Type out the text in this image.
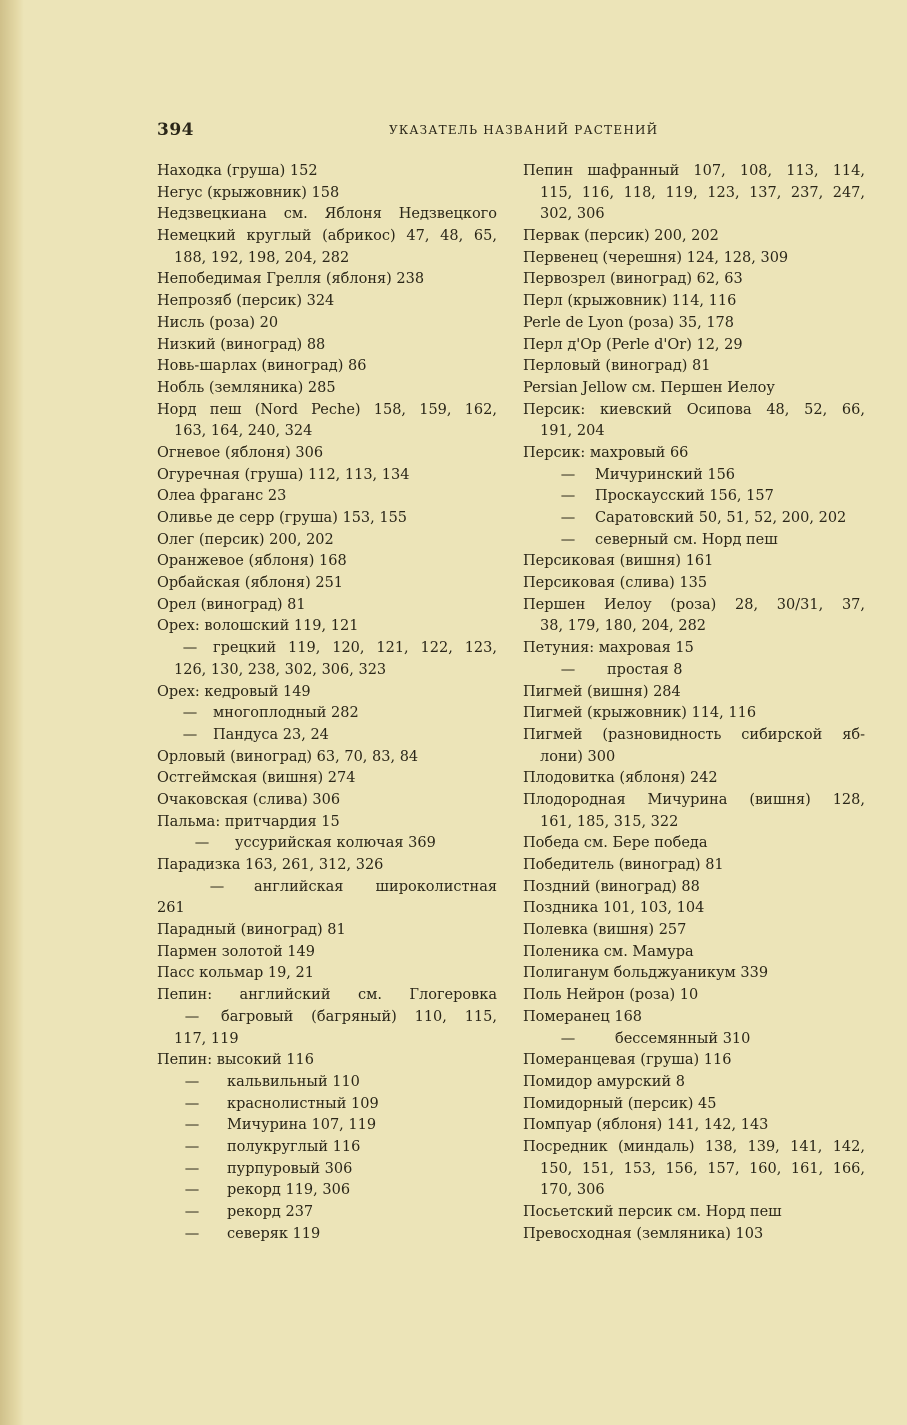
394	УКАЗАТЕЛЬ НАЗВАНИЙ РАСТЕНИЙ
Находка (груша) 152
Негус (крыжовник) 158
Недзвецкиана см. Яблоня Недзвецкого
Немецкий круглый (абрикос) 47, 48, 65,
188, 192, 198, 204, 282
Непобедимая Грелля (яблоня) 238
Непрозяб (персик) 324
Нисль (роза) 20
Низкий (виноград) 88
Новь-шарлах (виноград) 86
Нобль (земляника) 285
Норд пеш (Nord Peche) 158, 159, 162,
163, 164, 240, 324
Огневое (яблоня) 306
Огуречная (груша) 112, 113, 134
Олеа фраганс 23
Оливье де серр (груша) 153, 155
Олег (персик) 200, 202
Оранжевое (яблоня) 168
Орбайская (яблоня) 251
Орел (виноград) 81
Орех: волошский 119, 121
—	грецкий 119, 120, 121, 122, 123,
126, 130, 238, 302, 306, 323
Орех: кедровый 149
—	многоплодный 282
—	Пандуса 23, 24
Орловый (виноград) 63, 70, 83, 84
Остгеймская (вишня) 274
Очаковская (слива) 306
Пальма: притчардия 15
—	уссурийская колючая 369
Парадизка 163, 261, 312, 326
—	английская широколистная
261
Парадный (виноград) 81
Пармен золотой 149
Пасс кольмар 19, 21
Пепин: английский см. Глогеровка
—	багровый (багряный) 110, 115,
117, 119
Пепин: высокий 116
—	кальвильный 110
—	краснолистный 109
—	Мичурина 107, 119
—	полукруглый 116
—	пурпуровый 306
—	рекорд 119, 306
—	рекорд 237
—	северяк 119
Пепин шафранный 107, 108, 113, 114,
115, 116, 118, 119, 123, 137, 237, 247,
302, 306
Первак (персик) 200, 202
Первенец (черешня) 124, 128, 309
Первозрел (виноград) 62, 63
Перл (крыжовник) 114, 116
Perle de Lyon (роза) 35, 178
Перл д'Ор (Perle d'Or) 12, 29
Перловый (виноград) 81
Persian Jellow см. Першен Иелоу
Персик: киевский Осипова 48, 52, 66,
191, 204
Персик: махровый 66
—	Мичуринский 156
—	Проскаусский 156, 157
—	Саратовский 50, 51, 52, 200, 202
—	северный см. Норд пеш
Персиковая (вишня) 161
Персиковая (слива) 135
Першен Иелоу (роза) 28, 30/31, 37,
38, 179, 180, 204, 282
Петуния: махровая 15
—	простая 8
Пигмей (вишня) 284
Пигмей (крыжовник) 114, 116
Пигмей (разновидность сибирской яб-
лони) 300
Плодовитка (яблоня) 242
Плодородная Мичурина (вишня) 128,
161, 185, 315, 322
Победа см. Бере победа
Победитель (виноград) 81
Поздний (виноград) 88
Поздника 101, 103, 104
Полевка (вишня) 257
Поленика см. Мамура
Полиганум больджуаникум 339
Поль Нейрон (роза) 10
Померанец 168
—	бессемянный 310
Померанцевая (груша) 116
Помидор амурский 8
Помидорный (персик) 45
Помпуар (яблоня) 141, 142, 143
Посредник (миндаль) 138, 139, 141, 142,
150, 151, 153, 156, 157, 160, 161, 166,
170, 306
Посьетский персик см. Норд пеш
Превосходная (земляника) 103
